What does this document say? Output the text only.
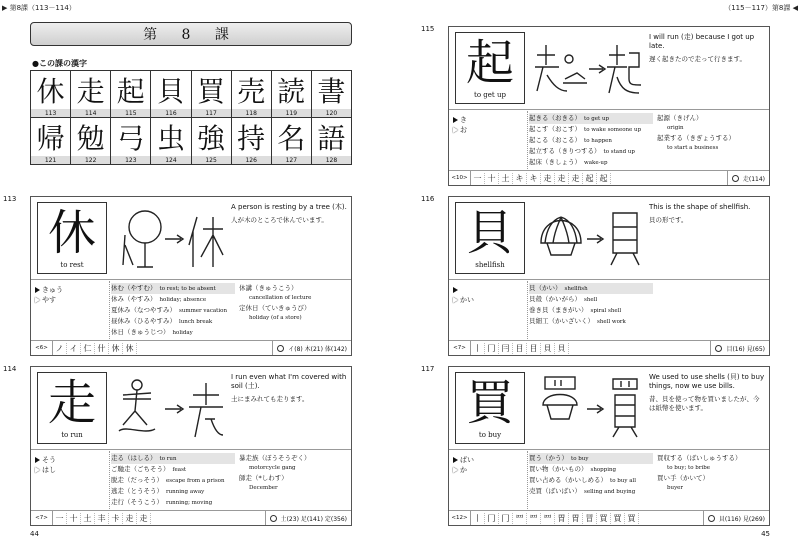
▶ 第8課（113－114）
第 8 課
●この課の漢字
休 走 起 貝 買 売 読 書
113	114	115	116	117	118	119	120
帰 勉 弓 虫 強 持 名 語
121	122	123	124	125	126	127	128
113
休
to rest
A person is resting by a tree (木).
人が木のところで休んでいます。
きゅう
やす
休む（やすむ） to rest; to be absent
休み（やすみ） holiday; absence
夏休み（なつやすみ） summer vacation
昼休み（ひるやすみ） lunch break
休日（きゅうじつ） holiday
休講（きゅうこう）
cancellation of lecture
定休日（ていきゅうび）
holiday (of a store)
<6> ノ イ 仁 什 休 休	イ(8) 木(21) 体(142)
114
走
to run
I run even what I'm covered with soil (土).
土にまみれても走ります。
そう
はし
走る（はしる） to run
ご馳走（ごちそう） feast
脱走（だっそう） escape from a prison
逃走（とうそう） running away
走行（そうこう） running; moving
暴走族（ぼうそうぞく）
motorcycle gang
師走（*しわす）
December
<7> 一 十 土 丰 卡 走 走	土(23) 足(141) 定(356)
44
（115－117）第8課 ◀
115
起
to get up
I will run (走) because I got up late.
遅く起きたので走って行きます。
き
お
起きる（おきる） to get up
起こす（おこす） to wake someone up
起こる（おこる） to happen
起立する（きりつする） to stand up
起床（きしょう） wake-up
起源（きげん）
origin
起業する（きぎょうする）
to start a business
<10> 一 十 土 キ キ 走 走 走 起 起	走(114)
116
貝
shellfish
This is the shape of shellfish.
貝の形です。
かい
貝（かい） shellfish
貝殻（かいがら） shell
巻き貝（まきがい） spiral shell
貝細工（かいざいく） shell work
<7> 丨 冂 冃 目 目 貝 貝	目(16) 見(65)
117
買
to buy
We used to use shells (貝) to buy things, now we use bills.
昔、貝を使って物を買いましたが、今は紙幣を使います。
ばい
か
買う（かう） to buy
買い物（かいもの） shopping
買い占める（かいしめる） to buy all
売買（ばいばい） selling and buying
買収する（ばいしゅうする）
to buy; to bribe
買い手（かいて）
buyer
<12> 丨 冂 冂 罒 罒 罒 胃 胃 冒 買 買 買	貝(116) 見(269)
45
